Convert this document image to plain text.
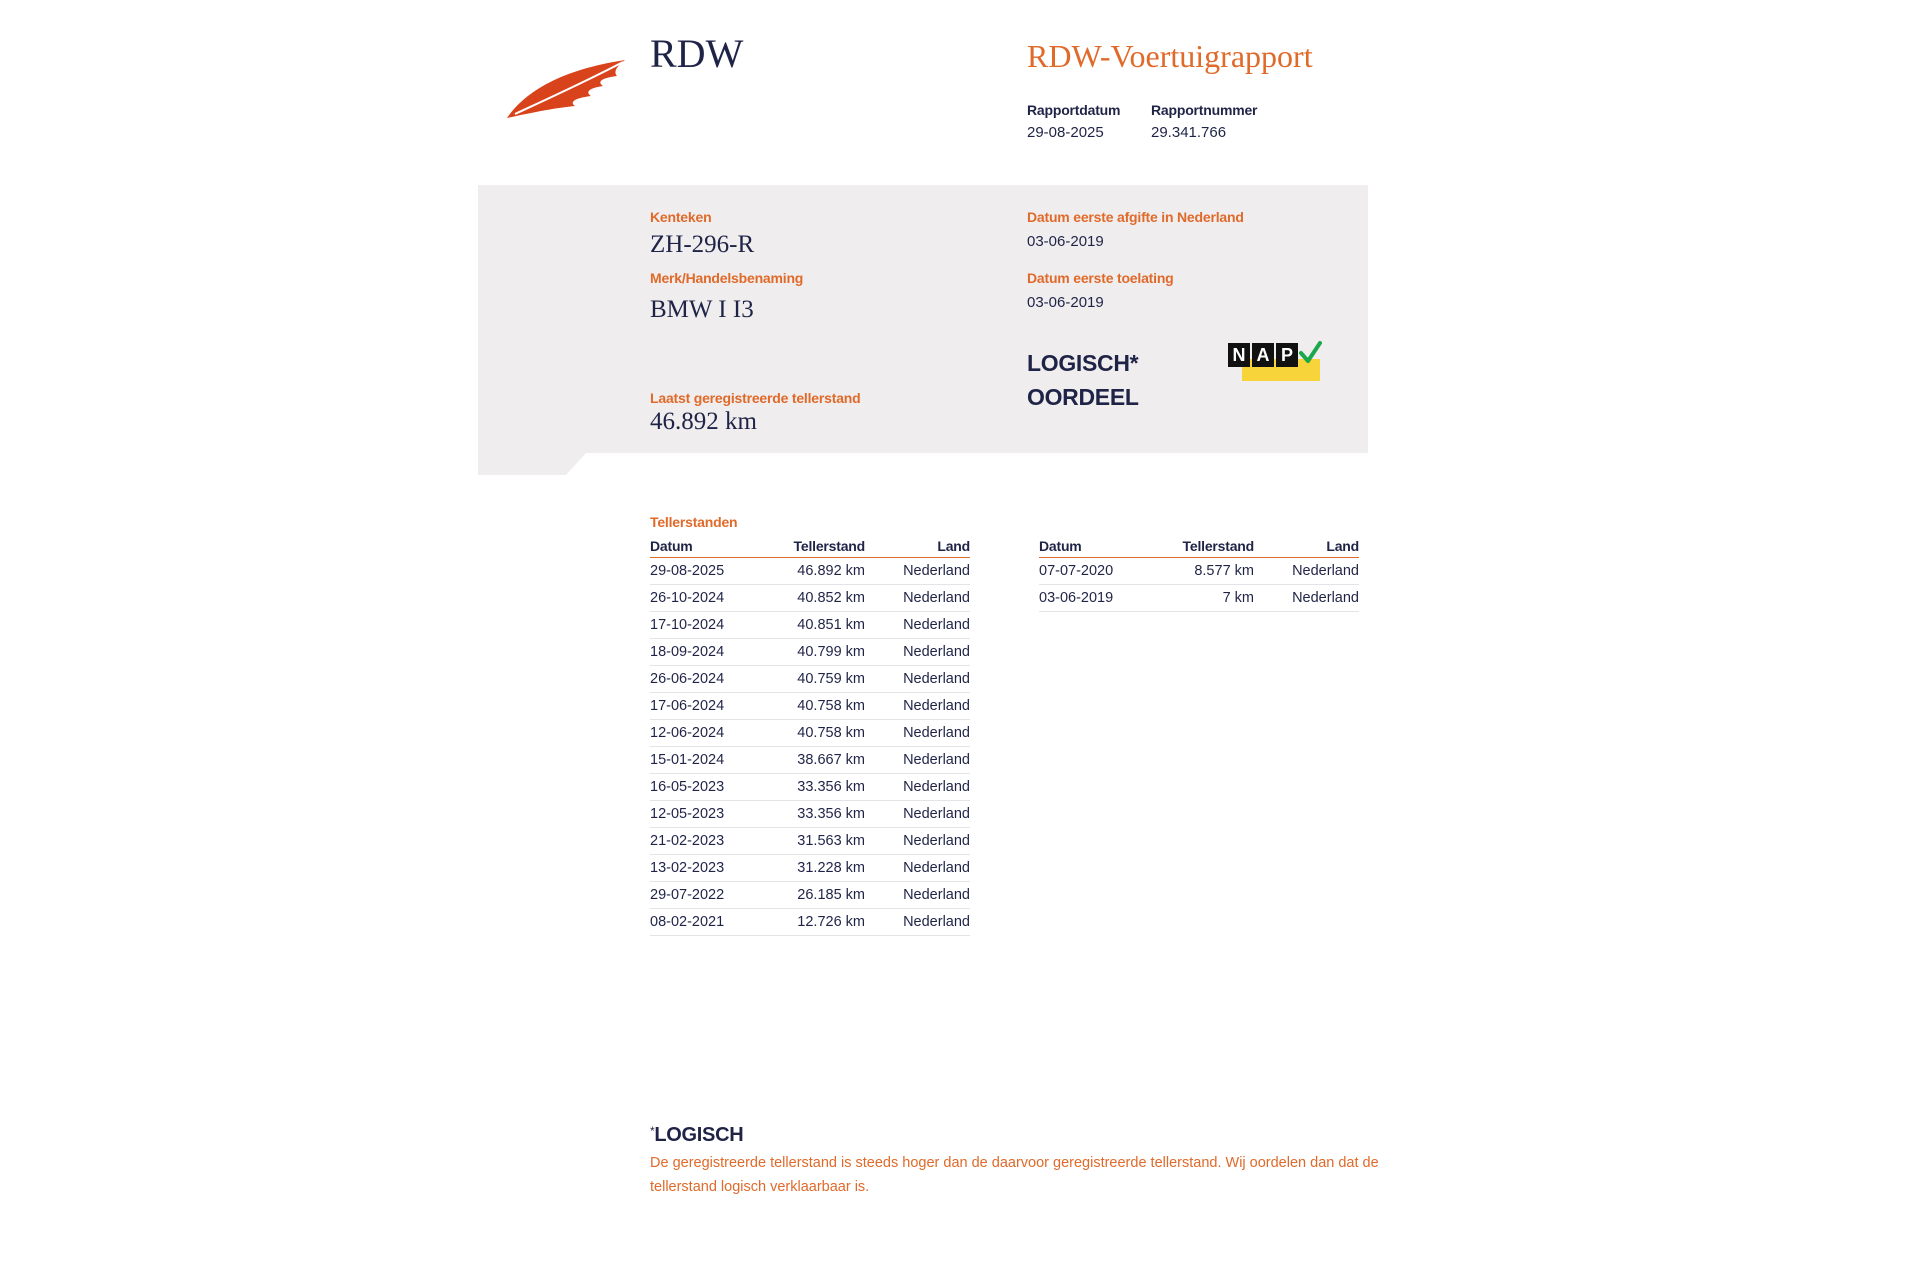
RDW	RDW-Voertuigrapport
Rapportdatum
29-08-2025
Rapportnummer
29.341.766
Kenteken
ZH-296-R
Merk/Handelsbenaming
BMW I I3
Laatst geregistreerde tellerstand
46.892 km
Datum eerste afgifte in Nederland
03-06-2019
Datum eerste toelating
03-06-2019
LOGISCH*
OORDEEL
N A P
Tellerstanden
Datum	Tellerstand	Land
29-08-2025	46.892 km	Nederland
26-10-2024	40.852 km	Nederland
17-10-2024	40.851 km	Nederland
18-09-2024	40.799 km	Nederland
26-06-2024	40.759 km	Nederland
17-06-2024	40.758 km	Nederland
12-06-2024	40.758 km	Nederland
15-01-2024	38.667 km	Nederland
16-05-2023	33.356 km	Nederland
12-05-2023	33.356 km	Nederland
21-02-2023	31.563 km	Nederland
13-02-2023	31.228 km	Nederland
29-07-2022	26.185 km	Nederland
08-02-2021	12.726 km	Nederland
Datum	Tellerstand	Land
07-07-2020	8.577 km	Nederland
03-06-2019	7 km	Nederland
*LOGISCH
De geregistreerde tellerstand is steeds hoger dan de daarvoor geregistreerde tellerstand. Wij oordelen dan dat de tellerstand logisch verklaarbaar is.
